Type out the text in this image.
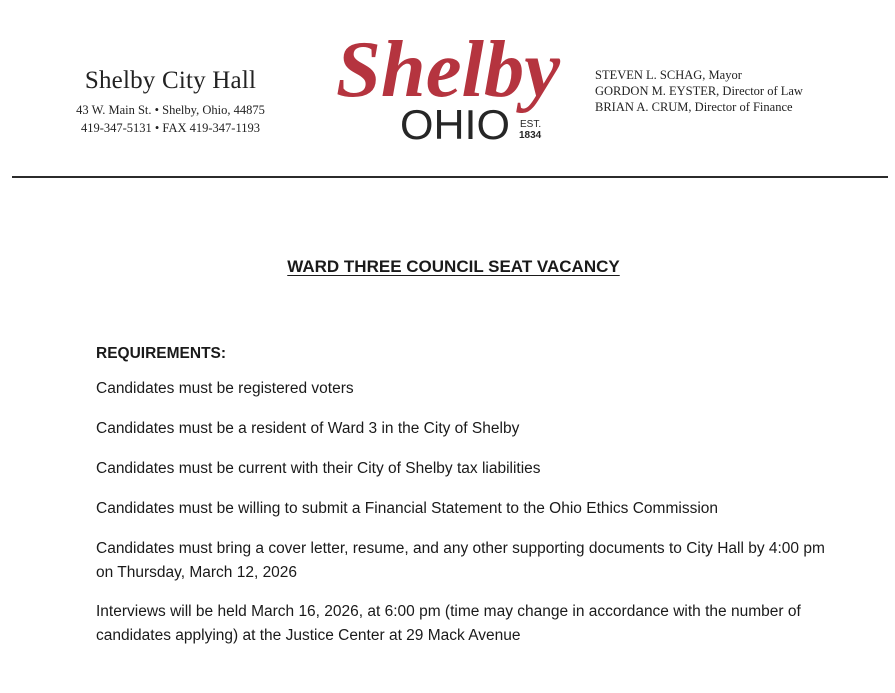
Shelby City Hall
43 W. Main St. • Shelby, Ohio, 44875
419-347-5131 • FAX 419-347-1193
Shelby
OHIO EST.
1834
STEVEN L. SCHAG, Mayor
GORDON M. EYSTER, Director of Law
BRIAN A. CRUM, Director of Finance
WARD THREE COUNCIL SEAT VACANCY
REQUIREMENTS:
Candidates must be registered voters
Candidates must be a resident of Ward 3 in the City of Shelby
Candidates must be current with their City of Shelby tax liabilities
Candidates must be willing to submit a Financial Statement to the Ohio Ethics Commission
Candidates must bring a cover letter, resume, and any other supporting documents to City Hall by 4:00 pm on Thursday, March 12, 2026
Interviews will be held March 16, 2026, at 6:00 pm (time may change in accordance with the number of candidates applying) at the Justice Center at 29 Mack Avenue
